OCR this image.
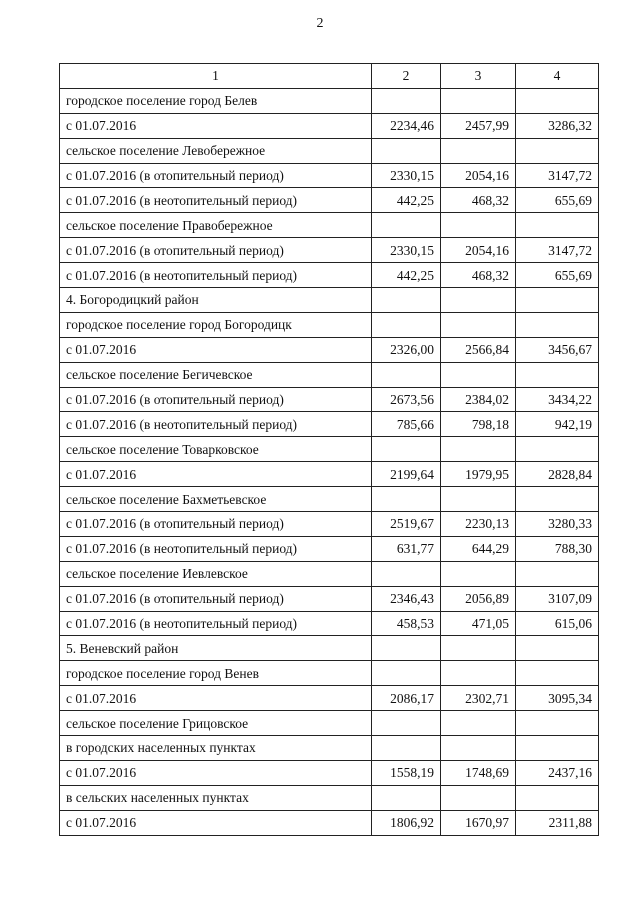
2
1	2	3	4
городское поселение город Белев			
с 01.07.2016	2234,46	2457,99	3286,32
сельское поселение Левобережное			
с 01.07.2016 (в отопительный период)	2330,15	2054,16	3147,72
с 01.07.2016 (в неотопительный период)	442,25	468,32	655,69
сельское поселение Правобережное			
с 01.07.2016 (в отопительный период)	2330,15	2054,16	3147,72
с 01.07.2016 (в неотопительный период)	442,25	468,32	655,69
4. Богородицкий район			
городское поселение город Богородицк			
с 01.07.2016	2326,00	2566,84	3456,67
сельское поселение Бегичевское			
с 01.07.2016 (в отопительный период)	2673,56	2384,02	3434,22
с 01.07.2016 (в неотопительный период)	785,66	798,18	942,19
сельское поселение Товарковское			
с 01.07.2016	2199,64	1979,95	2828,84
сельское поселение Бахметьевское			
с 01.07.2016 (в отопительный период)	2519,67	2230,13	3280,33
с 01.07.2016 (в неотопительный период)	631,77	644,29	788,30
сельское поселение Иевлевское			
с 01.07.2016 (в отопительный период)	2346,43	2056,89	3107,09
с 01.07.2016 (в неотопительный период)	458,53	471,05	615,06
5. Веневский район			
городское поселение город Венев			
с 01.07.2016	2086,17	2302,71	3095,34
сельское поселение Грицовское			
в городских населенных пунктах			
с 01.07.2016	1558,19	1748,69	2437,16
в сельских населенных пунктах			
с 01.07.2016	1806,92	1670,97	2311,88
